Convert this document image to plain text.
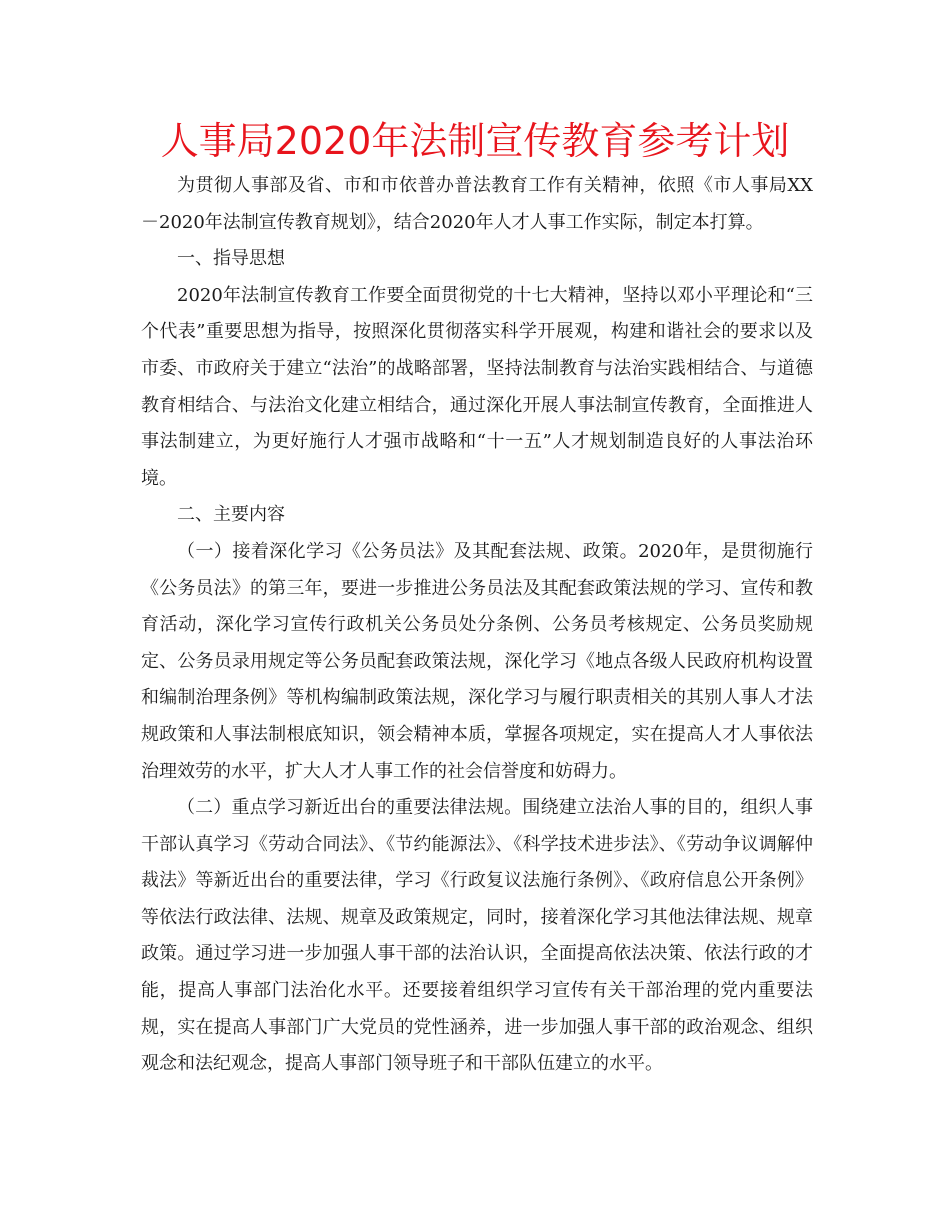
人事局2020年法制宣传教育参考计划

为贯彻人事部及省、市和市依普办普法教育工作有关精神，依照《市人事局XX－2020年法制宣传教育规划》，结合2020年人才人事工作实际，制定本打算。

一、指导思想

2020年法制宣传教育工作要全面贯彻党的十七大精神，坚持以邓小平理论和“三个代表”重要思想为指导，按照深化贯彻落实科学开展观，构建和谐社会的要求以及市委、市政府关于建立“法治”的战略部署，坚持法制教育与法治实践相结合、与道德教育相结合、与法治文化建立相结合，通过深化开展人事法制宣传教育，全面推进人事法制建立，为更好施行人才强市战略和“十一五”人才规划制造良好的人事法治环境。

二、主要内容

（一）接着深化学习《公务员法》及其配套法规、政策。2020年，是贯彻施行《公务员法》的第三年，要进一步推进公务员法及其配套政策法规的学习、宣传和教育活动，深化学习宣传行政机关公务员处分条例、公务员考核规定、公务员奖励规定、公务员录用规定等公务员配套政策法规，深化学习《地点各级人民政府机构设置和编制治理条例》等机构编制政策法规，深化学习与履行职责相关的其别人事人才法规政策和人事法制根底知识，领会精神本质，掌握各项规定，实在提高人才人事依法治理效劳的水平，扩大人才人事工作的社会信誉度和妨碍力。

（二）重点学习新近出台的重要法律法规。围绕建立法治人事的目的，组织人事干部认真学习《劳动合同法》、《节约能源法》、《科学技术进步法》、《劳动争议调解仲裁法》等新近出台的重要法律，学习《行政复议法施行条例》、《政府信息公开条例》等依法行政法律、法规、规章及政策规定，同时，接着深化学习其他法律法规、规章政策。通过学习进一步加强人事干部的法治认识，全面提高依法决策、依法行政的才能，提高人事部门法治化水平。还要接着组织学习宣传有关干部治理的党内重要法规，实在提高人事部门广大党员的党性涵养，进一步加强人事干部的政治观念、组织观念和法纪观念，提高人事部门领导班子和干部队伍建立的水平。
